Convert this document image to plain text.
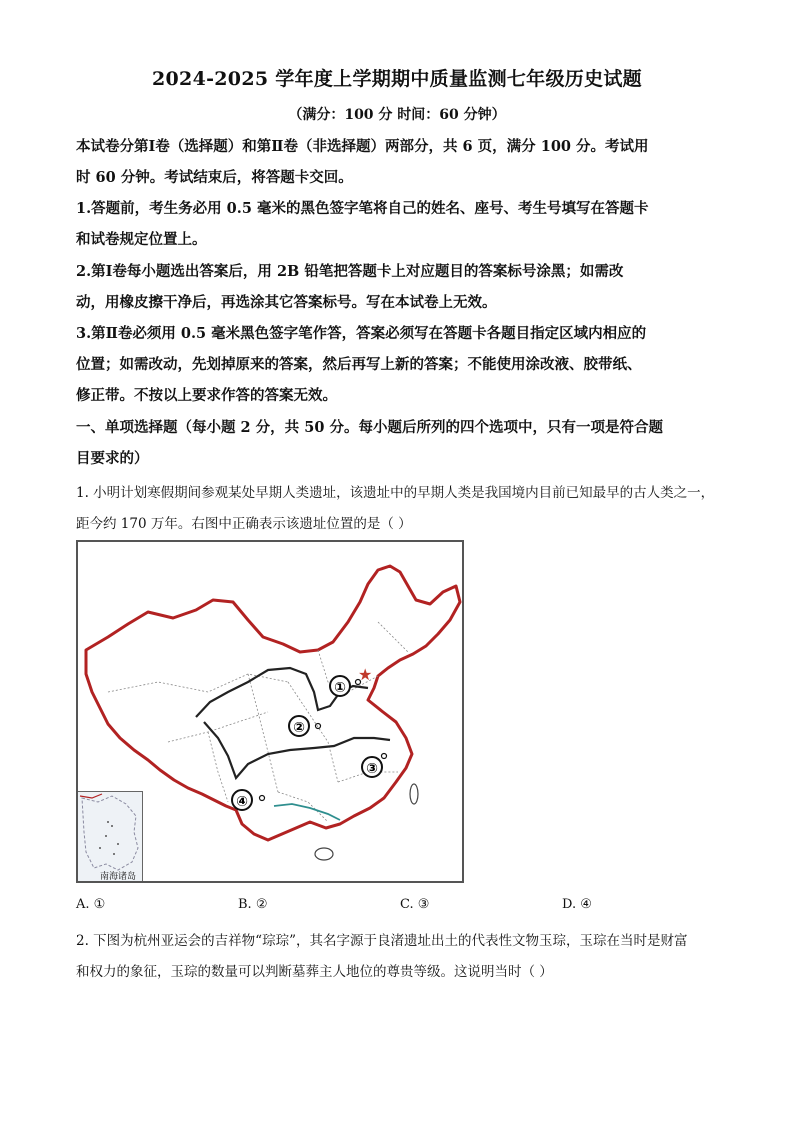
2024-2025 学年度上学期期中质量监测七年级历史试题
（满分：100 分 时间：60 分钟）
本试卷分第Ⅰ卷（选择题）和第Ⅱ卷（非选择题）两部分，共 6 页，满分 100 分。考试用
时 60 分钟。考试结束后，将答题卡交回。
1.答题前，考生务必用 0.5 毫米的黑色签字笔将自己的姓名、座号、考生号填写在答题卡
和试卷规定位置上。
2.第Ⅰ卷每小题选出答案后，用 2B 铅笔把答题卡上对应题目的答案标号涂黑；如需改
动，用橡皮擦干净后，再选涂其它答案标号。写在本试卷上无效。
3.第Ⅱ卷必须用 0.5 毫米黑色签字笔作答，答案必须写在答题卡各题目指定区域内相应的
位置；如需改动，先划掉原来的答案，然后再写上新的答案；不能使用涂改液、胶带纸、
修正带。不按以上要求作答的答案无效。
一、单项选择题（每小题 2 分，共 50 分。每小题后所列的四个选项中，只有一项是符合题
目要求的）
1. 小明计划寒假期间参观某处早期人类遗址，该遗址中的早期人类是我国境内目前已知最早的古人类之一，
距今约 170 万年。右图中正确表示该遗址位置的是（ ）
★
①
②
③
④
南海诸岛
A. ①	B. ②	C. ③	D. ④
2. 下图为杭州亚运会的吉祥物“琮琮”，其名字源于良渚遗址出土的代表性文物玉琮，玉琮在当时是财富
和权力的象征，玉琮的数量可以判断墓葬主人地位的尊贵等级。这说明当时（ ）
